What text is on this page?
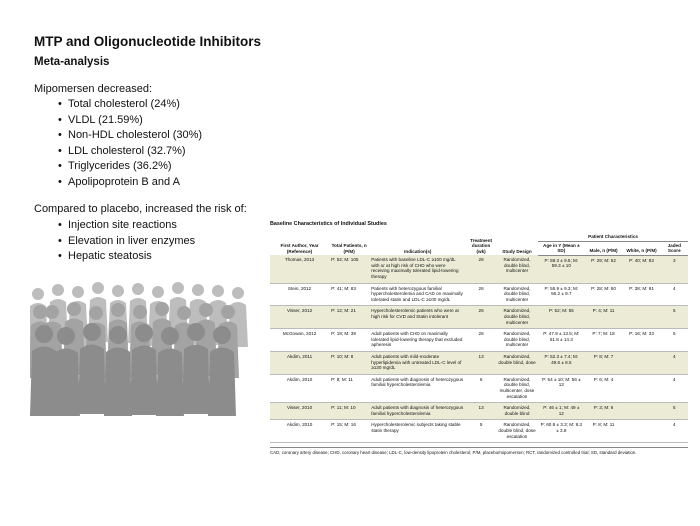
MTP and Oligonucleotide Inhibitors
Meta-analysis
Mipomersen decreased:
• Total cholesterol (24%)
• VLDL (21.59%)
• Non-HDL cholesterol (30%)
• LDL cholesterol (32.7%)
• Triglycerides (36.2%)
• Apolipoprotein B and A
Compared to placebo, increased the risk of:
• Injection site reactions
• Elevation in liver enzymes
• Hepatic steatosis
Baseline Characteristics of Individual Studies
First Author, Year (Reference)	Total Patients, n (P/M)	Indication(s)	Treatment duration (wk)	Study Design	Patient Characteristics			
					Age in Y (Mean ± SD)	Male, n (P/M)	White, n (P/M)	Jaded Score
Thomas, 2013	P: 52; M: 105	Patients with baseline LDL-C ≥100 mg/dL with or at high risk of CHD who were receiving maximally tolerated lipid-lowering therapy	26	Randomized, double blind, multicenter	P: 59.3 ± 9.5; M: 59.3 ± 10	P: 29; M: 52	P: 40; M: 83	3
Stein, 2012	P: 41; M: 83	Patients with heterozygous familial hypercholesterolemia and CAD on maximally tolerated statin and LDL-C ≥100 mg/dL	26	Randomized, double blind, multicenter	P: 55.9 ± 9.3; M: 56.2 ± 9.7	P: 28; M: 50	P: 38; M: 81	4
Visser, 2012	P: 12; M: 21	Hypercholesterolemic patients who were at high risk for CVD and Statin intolerant	26	Randomized, double blind, multicenter	P: 52; M: 55	P: 4; M: 11		5
McGowan, 2012	P: 19; M: 39	Adult patients with CHD on maximally tolerated lipid-lowering therapy that excluded apheresis	26	Randomized, double blind, multicenter	P: 47.9 ± 13.5; M: 51.8 ± 14.3	P: 7; M: 18	P: 16; M: 33	5
Akdim, 2011	P: 10; M: 8	Adult patients with mild-moderate hyperlipidemia with untreated LDL-C level of ≥130 mg/dL	13	Randomized, double blind, dose	P: 52.3 ± 7.4; M: 49.6 ± 8.5	P: 8; M: 7		4
Akdim, 2010	P: 8; M: 11	Adult patients with diagnosis of heterozygous familial hypercholesterolemia	6	Randomized, double blind, multicenter, dose escalation	P: 54 ± 10; M: 56 ± 13	P: 6; M: 4		4
Visser, 2010	P: 11; M: 10	Adult patients with diagnosis of heterozygous familial hypercholesterolemia	13	Randomized, double blind	P: 46 ± 1; M: 49 ± 12	P: 3; M: 6		5
Akdim, 2010	P: 15; M: 16	Hypercholesterolemic subjects taking stable statin therapy	5	Randomized, double blind, dose escalation	P: 60.8 ± 3.3; M: 8.3 ± 3.8	P: 8; M: 11		4
CAD, coronary artery disease; CHD, coronary heart disease; LDL-C, low-density lipoprotein cholesterol; P/M, placebo/mipomersen; RCT, randomized controlled trial; SD, standard deviation.
